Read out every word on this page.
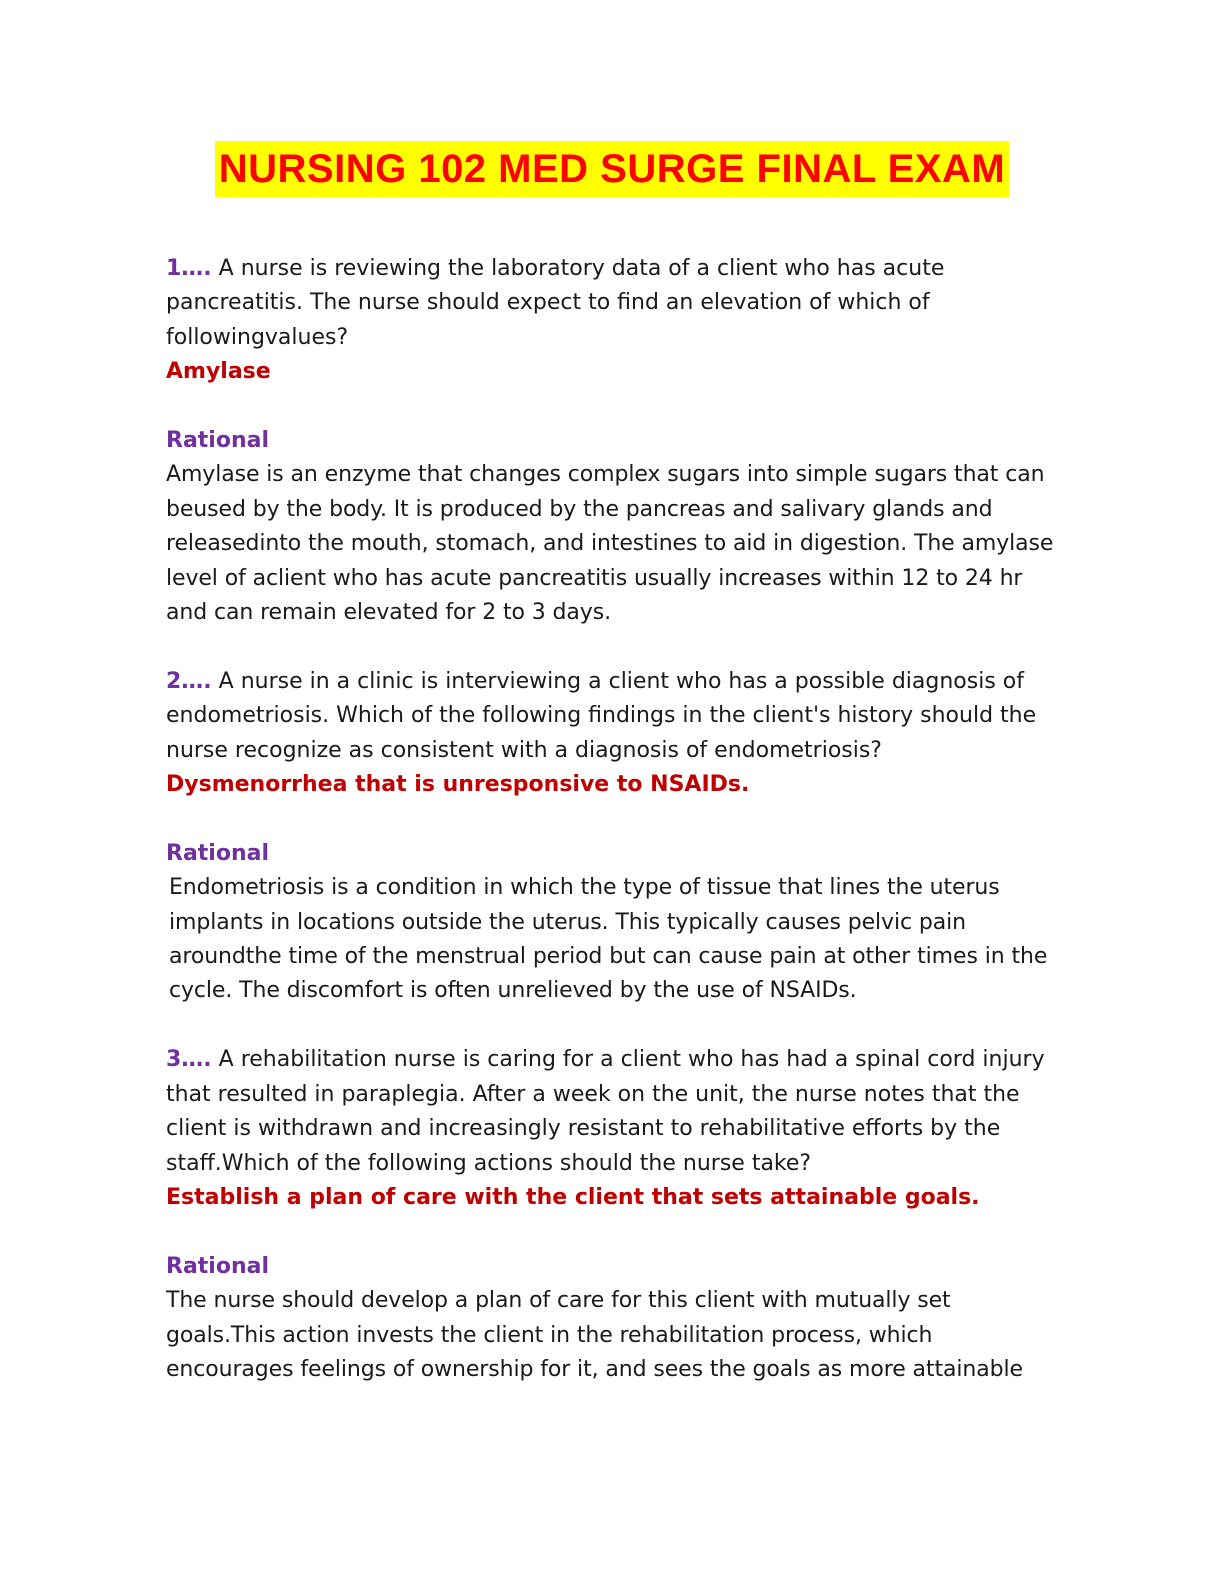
NURSING 102 MED SURGE FINAL EXAM

1…. A nurse is reviewing the laboratory data of a client who has acute pancreatitis. The nurse should expect to find an elevation of which of followingvalues?

Amylase

Rational

Amylase is an enzyme that changes complex sugars into simple sugars that can beused by the body. It is produced by the pancreas and salivary glands and releasedinto the mouth, stomach, and intestines to aid in digestion. The amylase level of aclient who has acute pancreatitis usually increases within 12 to 24 hr and can remain elevated for 2 to 3 days.

2…. A nurse in a clinic is interviewing a client who has a possible diagnosis of endometriosis. Which of the following findings in the client's history should the nurse recognize as consistent with a diagnosis of endometriosis?

Dysmenorrhea that is unresponsive to NSAIDs.

Rational

Endometriosis is a condition in which the type of tissue that lines the uterus implants in locations outside the uterus. This typically causes pelvic pain aroundthe time of the menstrual period but can cause pain at other times in the cycle. The discomfort is often unrelieved by the use of NSAIDs.

3…. A rehabilitation nurse is caring for a client who has had a spinal cord injury that resulted in paraplegia. After a week on the unit, the nurse notes that the client is withdrawn and increasingly resistant to rehabilitative efforts by the staff.Which of the following actions should the nurse take?

Establish a plan of care with the client that sets attainable goals.

Rational

The nurse should develop a plan of care for this client with mutually set goals.This action invests the client in the rehabilitation process, which encourages feelings of ownership for it, and sees the goals as more attainable
